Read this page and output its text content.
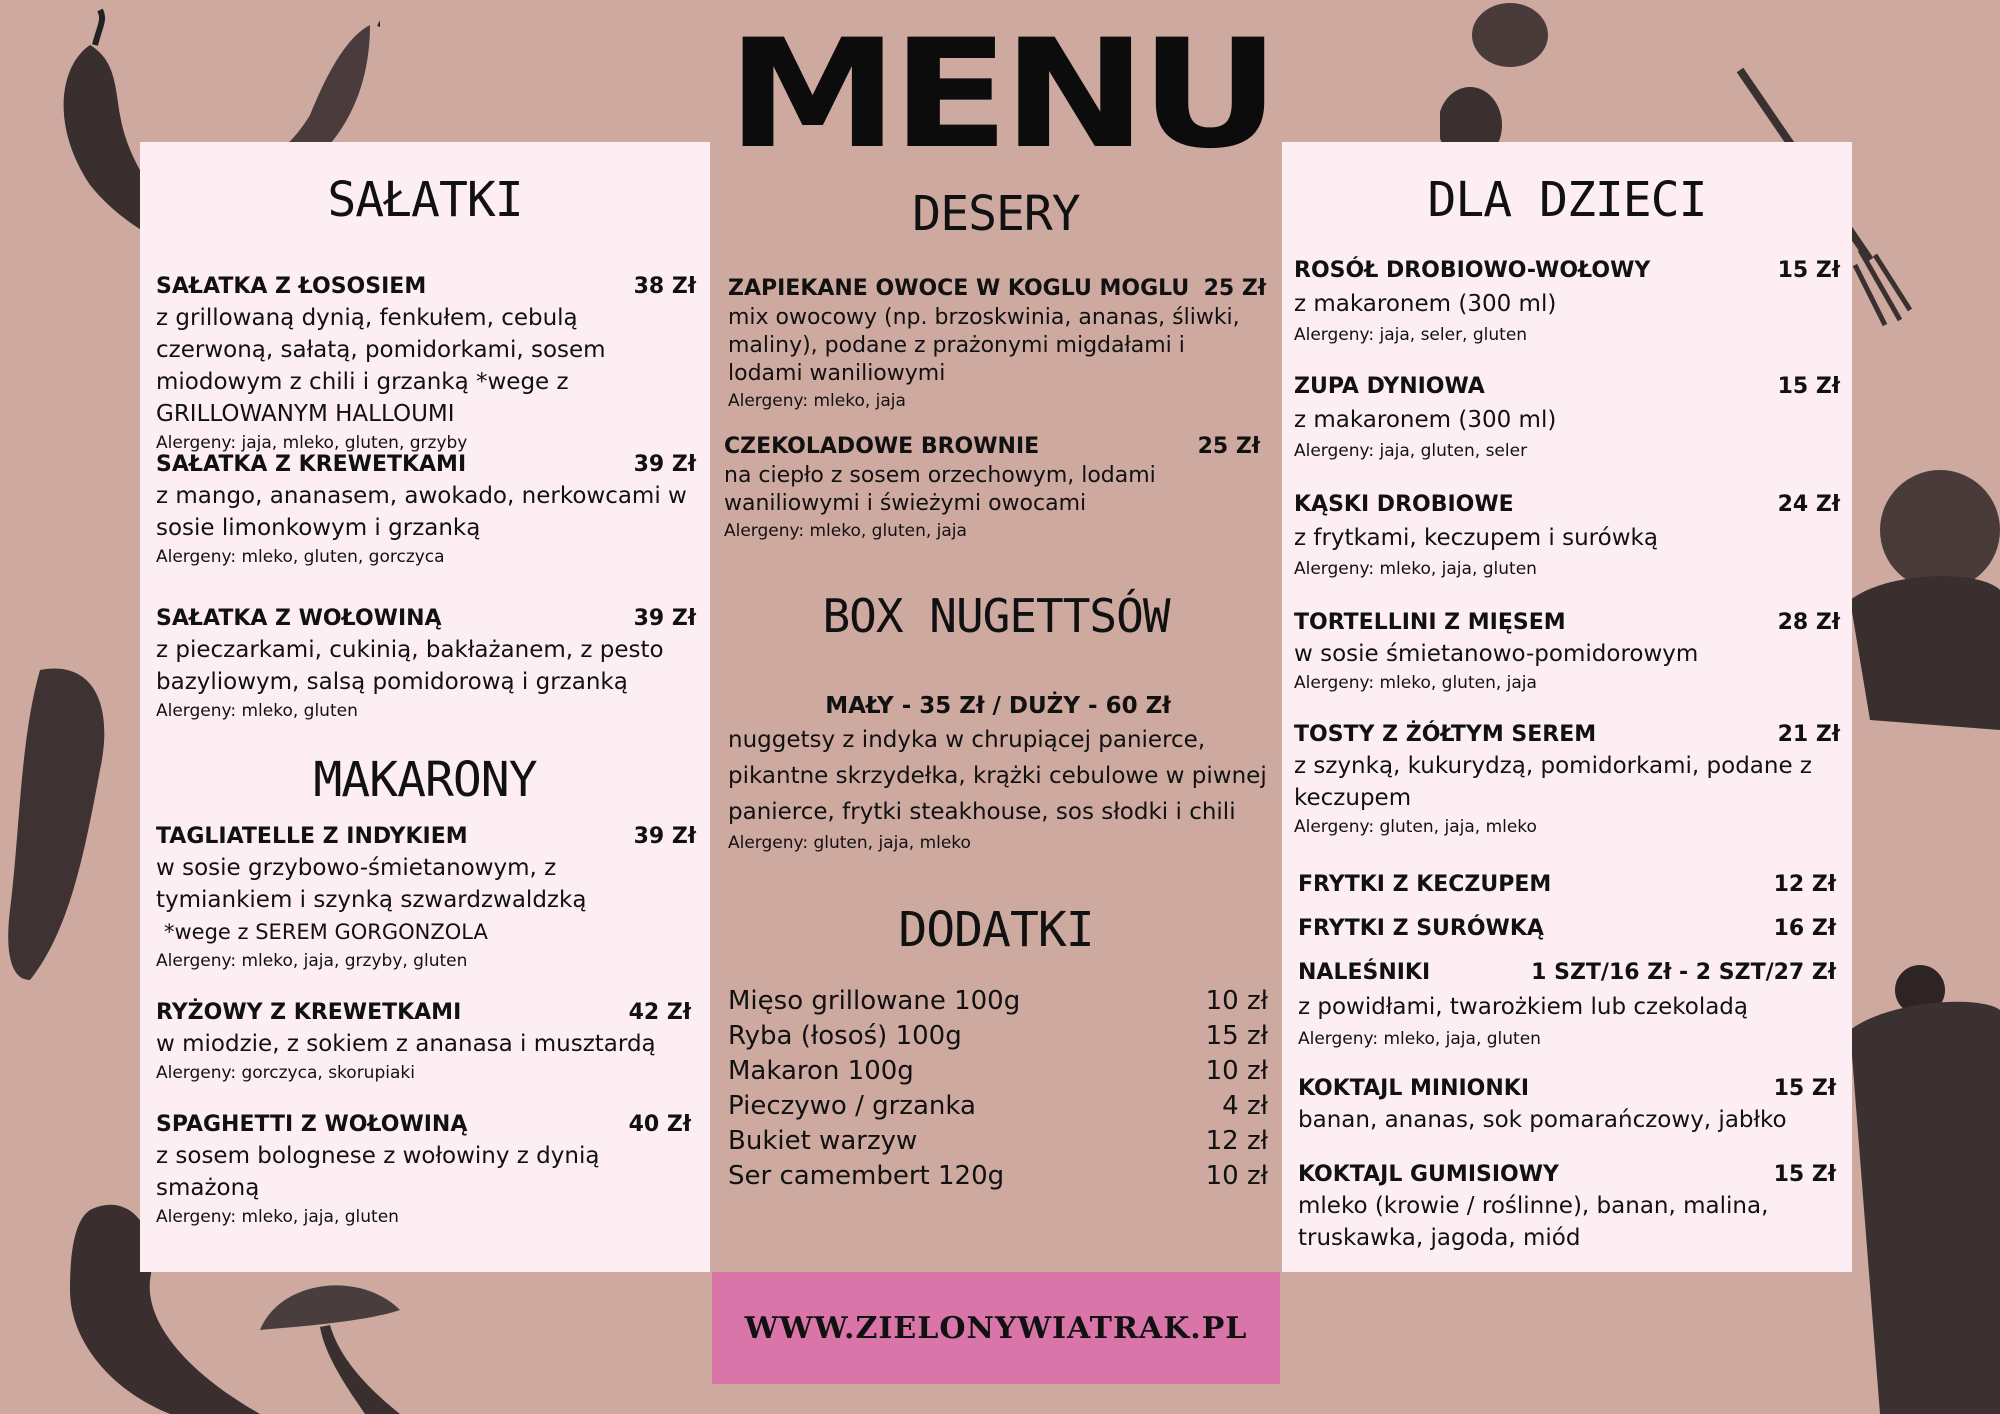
MENU
SAŁATKI
SAŁATKA Z ŁOSOSIEM	38 Zł
z grillowaną dynią, fenkułem, cebulą czerwoną, sałatą, pomidorkami, sosem miodowym z chili i grzanką *wege z GRILLOWANYM HALLOUMI
Alergeny: jaja, mleko, gluten, grzyby
SAŁATKA Z KREWETKAMI	39 Zł
z mango, ananasem, awokado, nerkowcami w sosie limonkowym i grzanką
Alergeny: mleko, gluten, gorczyca
SAŁATKA Z WOŁOWINĄ	39 Zł
z pieczarkami, cukinią, bakłażanem, z pesto bazyliowym, salsą pomidorową i grzanką
Alergeny: mleko, gluten
MAKARONY
TAGLIATELLE Z INDYKIEM	39 Zł
w sosie grzybowo-śmietanowym, z tymiankiem i szynką szwardzwaldzką
*wege z SEREM GORGONZOLA
Alergeny: mleko, jaja, grzyby, gluten
RYŻOWY Z KREWETKAMI	42 Zł
w miodzie, z sokiem z ananasa i musztardą
Alergeny: gorczyca, skorupiaki
SPAGHETTI Z WOŁOWINĄ	40 Zł
z sosem bolognese z wołowiny z dynią smażoną
Alergeny: mleko, jaja, gluten
DESERY
ZAPIEKANE OWOCE W KOGLU MOGLU 25 Zł
mix owocowy (np. brzoskwinia, ananas, śliwki, maliny), podane z prażonymi migdałami i lodami waniliowymi
Alergeny: mleko, jaja
CZEKOLADOWE BROWNIE	25 Zł
na ciepło z sosem orzechowym, lodami waniliowymi i świeżymi owocami
Alergeny: mleko, gluten, jaja
BOX NUGETTSÓW
MAŁY - 35 Zł / DUŻY - 60 Zł
nuggetsy z indyka w chrupiącej panierce, pikantne skrzydełka, krążki cebulowe w piwnej panierce, frytki steakhouse, sos słodki i chili
Alergeny: gluten, jaja, mleko
DODATKI
Mięso grillowane 100g	10 zł
Ryba (łosoś) 100g	15 zł
Makaron 100g	10 zł
Pieczywo / grzanka	4 zł
Bukiet warzyw	12 zł
Ser camembert 120g	10 zł
WWW.ZIELONYWIATRAK.PL
DLA DZIECI
ROSÓŁ DROBIOWO-WOŁOWY	15 Zł
z makaronem (300 ml)
Alergeny: jaja, seler, gluten
ZUPA DYNIOWA	15 Zł
z makaronem (300 ml)
Alergeny: jaja, gluten, seler
KĄSKI DROBIOWE	24 Zł
z frytkami, keczupem i surówką
Alergeny: mleko, jaja, gluten
TORTELLINI Z MIĘSEM	28 Zł
w sosie śmietanowo-pomidorowym
Alergeny: mleko, gluten, jaja
TOSTY Z ŻÓŁTYM SEREM	21 Zł
z szynką, kukurydzą, pomidorkami, podane z keczupem
Alergeny: gluten, jaja, mleko
FRYTKI Z KECZUPEM	12 Zł
FRYTKI Z SURÓWKĄ	16 Zł
NALEŚNIKI	1 SZT/16 Zł - 2 SZT/27 Zł
z powidłami, twarożkiem lub czekoladą
Alergeny: mleko, jaja, gluten
KOKTAJL MINIONKI	15 Zł
banan, ananas, sok pomarańczowy, jabłko
KOKTAJL GUMISIOWY	15 Zł
mleko (krowie / roślinne), banan, malina, truskawka, jagoda, miód
